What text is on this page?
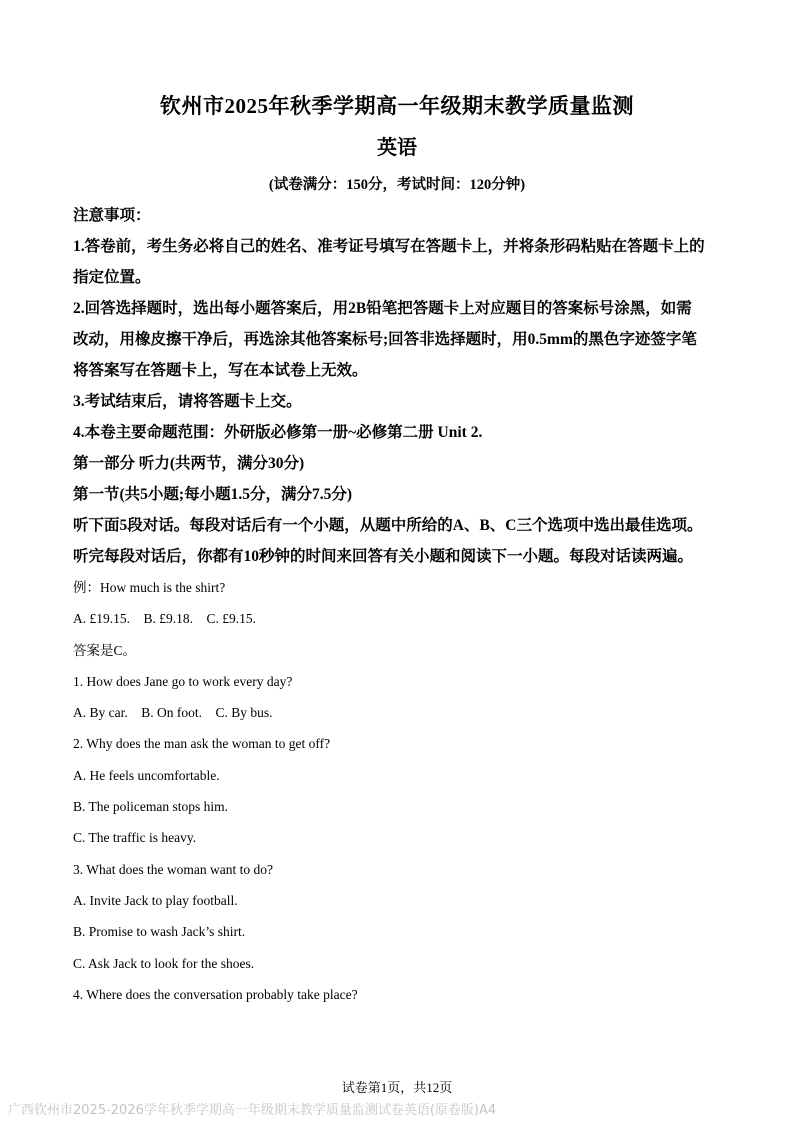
钦州市2025年秋季学期高一年级期末教学质量监测
英语
(试卷满分：150分，考试时间：120分钟)

注意事项：

1.答卷前，考生务必将自己的姓名、准考证号填写在答题卡上，并将条形码粘贴在答题卡上的

指定位置。

2.回答选择题时，选出每小题答案后，用2B铅笔把答题卡上对应题目的答案标号涂黑，如需

改动，用橡皮擦干净后，再选涂其他答案标号;回答非选择题时，用0.5mm的黑色字迹签字笔

将答案写在答题卡上，写在本试卷上无效。

3.考试结束后，请将答题卡上交。

4.本卷主要命题范围：外研版必修第一册~必修第二册 Unit 2.

第一部分 听力(共两节，满分30分)

第一节(共5小题;每小题1.5分，满分7.5分)

听下面5段对话。每段对话后有一个小题，从题中所给的A、B、C三个选项中选出最佳选项。

听完每段对话后，你都有10秒钟的时间来回答有关小题和阅读下一小题。每段对话读两遍。

例：How much is the shirt?

A. £19.15.    B. £9.18.    C. £9.15.

答案是C。

1. How does Jane go to work every day?

A. By car.    B. On foot.    C. By bus.

2. Why does the man ask the woman to get off?

A. He feels uncomfortable.

B. The policeman stops him.

C. The traffic is heavy.

3. What does the woman want to do?

A. Invite Jack to play football.

B. Promise to wash Jack’s shirt.

C. Ask Jack to look for the shoes.

4. Where does the conversation probably take place?

试卷第1页，共12页
广西钦州市2025-2026学年秋季学期高一年级期末教学质量监测试卷英语(原卷版)A4
